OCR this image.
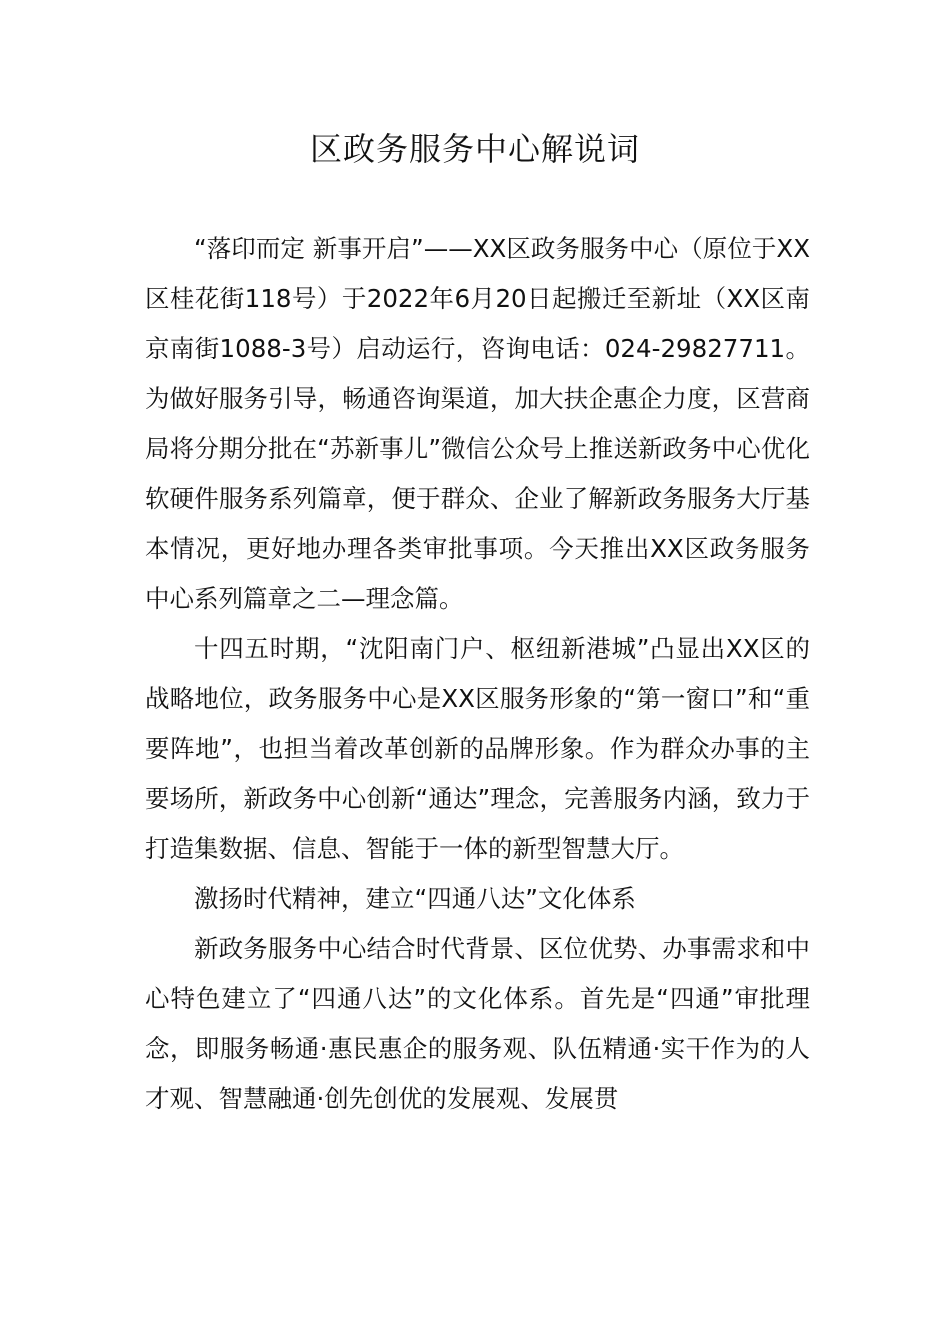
区政务服务中心解说词

“落印而定 新事开启”——XX区政务服务中心（原位于XX区桂花街118号）于2022年6月20日起搬迁至新址（XX区南京南街1088-3号）启动运行，咨询电话：024-29827711。为做好服务引导，畅通咨询渠道，加大扶企惠企力度，区营商局将分期分批在“苏新事儿”微信公众号上推送新政务中心优化软硬件服务系列篇章，便于群众、企业了解新政务服务大厅基本情况，更好地办理各类审批事项。今天推出XX区政务服务中心系列篇章之二—理念篇。

十四五时期，“沈阳南门户、枢纽新港城”凸显出XX区的战略地位，政务服务中心是XX区服务形象的“第一窗口”和“重要阵地”，也担当着改革创新的品牌形象。作为群众办事的主要场所，新政务中心创新“通达”理念，完善服务内涵，致力于打造集数据、信息、智能于一体的新型智慧大厅。

激扬时代精神，建立“四通八达”文化体系

新政务服务中心结合时代背景、区位优势、办事需求和中心特色建立了“四通八达”的文化体系。首先是“四通”审批理念，即服务畅通·惠民惠企的服务观、队伍精通·实干作为的人才观、智慧融通·创先创优的发展观、发展贯
